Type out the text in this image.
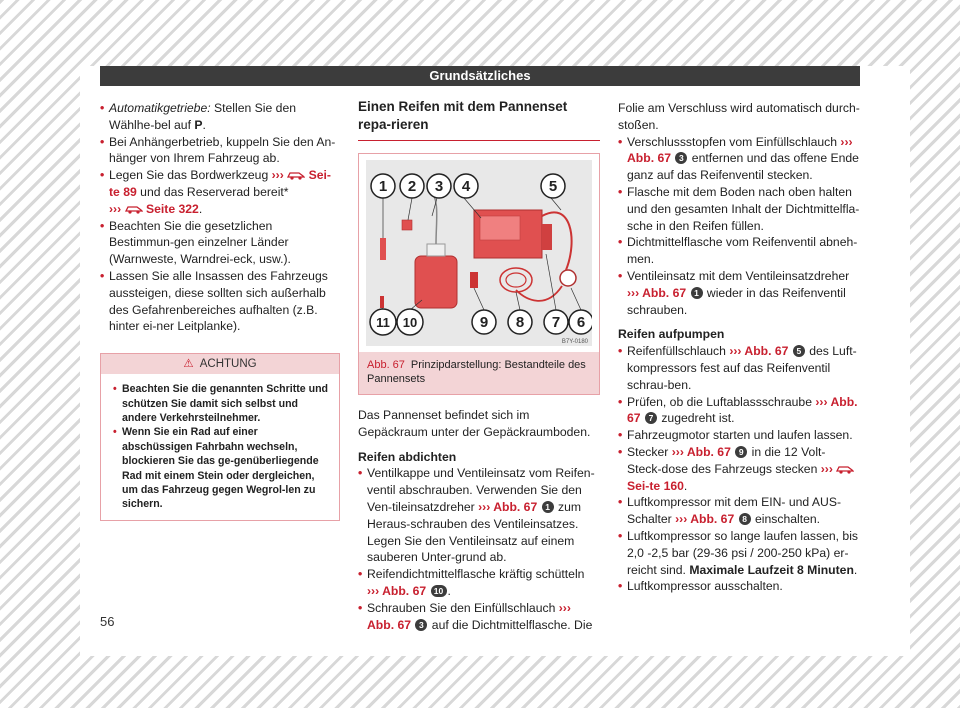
Grundsätzliches

• Automatikgetriebe: Stellen Sie den Wählhe-bel auf P.

• Bei Anhängerbetrieb, kuppeln Sie den An-hänger von Ihrem Fahrzeug ab.

• Legen Sie das Bordwerkzeug ››› Sei-te 89 und das Reserverad bereit*
››› Seite 322.

• Beachten Sie die gesetzlichen Bestimmun-gen einzelner Länder (Warnweste, Warndrei-eck, usw.).

• Lassen Sie alle Insassen des Fahrzeugs aussteigen, diese sollten sich außerhalb des Gefahrenbereiches aufhalten (z.B. hinter ei-ner Leitplanke).

⚠ ACHTUNG

• Beachten Sie die genannten Schritte und schützen Sie damit sich selbst und andere Verkehrsteilnehmer.

• Wenn Sie ein Rad auf einer abschüssigen Fahrbahn wechseln, blockieren Sie das ge-genüberliegende Rad mit einem Stein oder dergleichen, um das Fahrzeug gegen Wegrol-len zu sichern.

Einen Reifen mit dem Pannenset repa-rieren
1 2 3 4	5
6
7
8
9
10
11
B7Y-0180
Abb. 67 Prinzipdarstellung: Bestandteile des Pannensets

Das Pannenset befindet sich im Gepäckraum unter der Gepäckraumboden.

Reifen abdichten

• Ventilkappe und Ventileinsatz vom Reifen-ventil abschrauben. Verwenden Sie den Ven-tileinsatzdreher ››› Abb. 67 1 zum Heraus-schrauben des Ventileinsatzes. Legen Sie den Ventileinsatz auf einem sauberen Unter-grund ab.

• Reifendichtmittelflasche kräftig schütteln ››› Abb. 67 10 .

• Schrauben Sie den Einfüllschlauch ››› Abb. 67 3 auf die Dichtmittelflasche. Die

Folie am Verschluss wird automatisch durch-stoßen.

• Verschlussstopfen vom Einfüllschlauch ››› Abb. 67 3 entfernen und das offene Ende ganz auf das Reifenventil stecken.

• Flasche mit dem Boden nach oben halten und den gesamten Inhalt der Dichtmittelfla-sche in den Reifen füllen.

• Dichtmittelflasche vom Reifenventil abneh-men.

• Ventileinsatz mit dem Ventileinsatzdreher ››› Abb. 67 1 wieder in das Reifenventil schrauben.

Reifen aufpumpen

• Reifenfüllschlauch ››› Abb. 67 5 des Luft-kompressors fest auf das Reifenventil schrau-ben.

• Prüfen, ob die Luftablassschraube ››› Abb. 67 7 zugedreht ist.

• Fahrzeugmotor starten und laufen lassen.

• Stecker ››› Abb. 67 9 in die 12 Volt-Steck-dose des Fahrzeugs stecken ›››
Sei-te 160.

• Luftkompressor mit dem EIN- und AUS-Schalter ››› Abb. 67 8 einschalten.

• Luftkompressor so lange laufen lassen, bis 2,0 -2,5 bar (29-36 psi / 200-250 kPa) er-reicht sind. Maximale Laufzeit 8 Minuten.

• Luftkompressor ausschalten.

56
